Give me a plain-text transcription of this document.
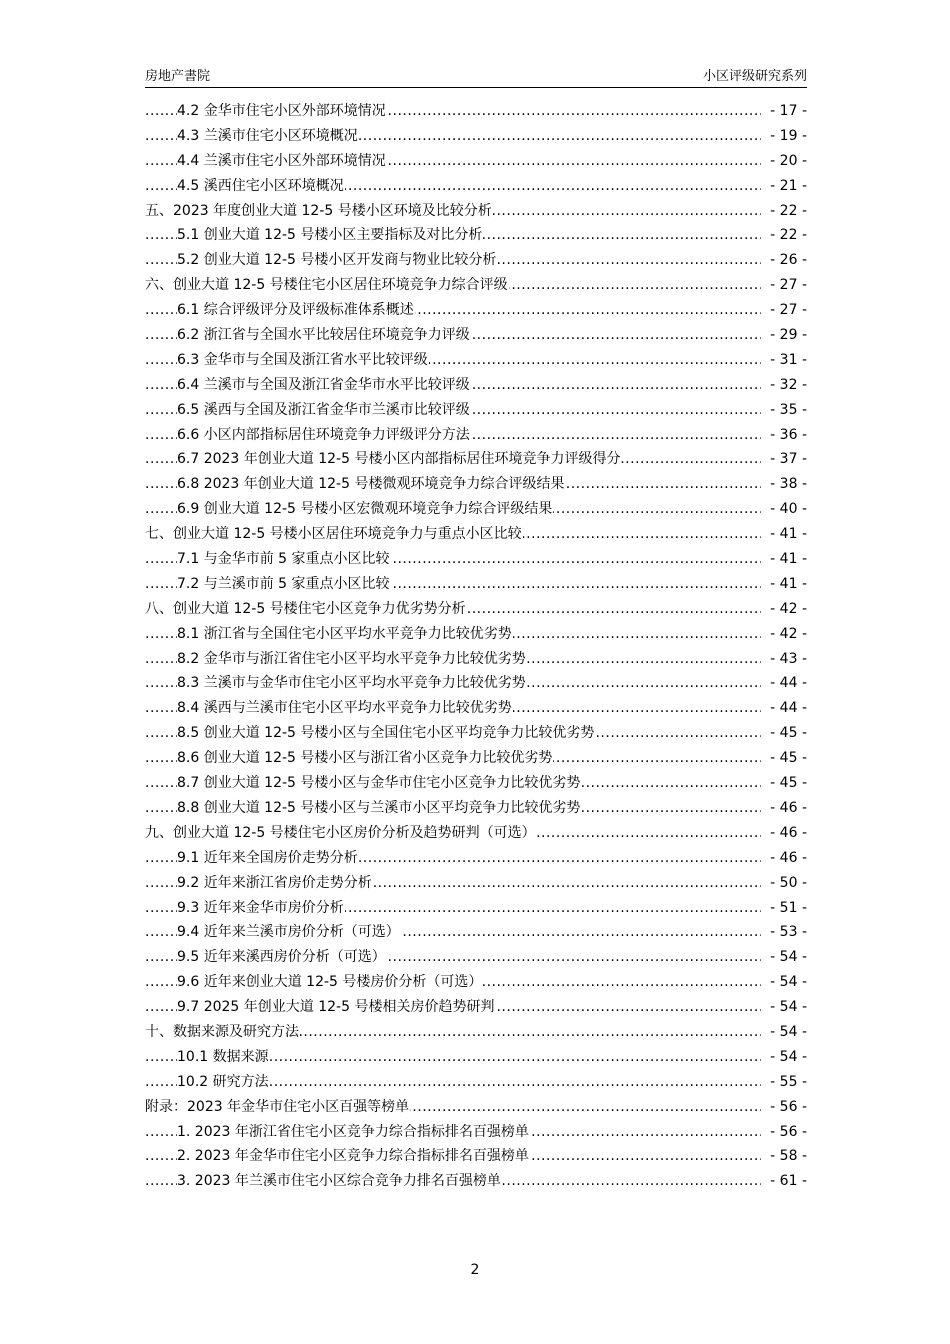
房地产書院	小区评级研究系列
.....
4.2 金华市住宅小区外部环境情况	- 17 -
.....
4.3 兰溪市住宅小区环境概况	- 19 -
.....
4.4 兰溪市住宅小区外部环境情况	- 20 -
.....
4.5 溪西住宅小区环境概况	- 21 -
.....
五、2023 年度创业大道 12-5 号楼小区环境及比较分析	- 22 -
.....
5.1 创业大道 12-5 号楼小区主要指标及对比分析	- 22 -
.....
5.2 创业大道 12-5 号楼小区开发商与物业比较分析	- 26 -
.....
六、创业大道 12-5 号楼住宅小区居住环境竞争力综合评级	- 27 -
.....
6.1 综合评级评分及评级标准体系概述	- 27 -
.....
6.2 浙江省与全国水平比较居住环境竞争力评级	- 29 -
.....
6.3 金华市与全国及浙江省水平比较评级	- 31 -
.....
6.4 兰溪市与全国及浙江省金华市水平比较评级	- 32 -
.....
6.5 溪西与全国及浙江省金华市兰溪市比较评级	- 35 -
.....
6.6 小区内部指标居住环境竞争力评级评分方法	- 36 -
.....
6.7 2023 年创业大道 12-5 号楼小区内部指标居住环境竞争力评级得分	- 37 -
.....
6.8 2023 年创业大道 12-5 号楼微观环境竞争力综合评级结果	- 38 -
.....
6.9 创业大道 12-5 号楼小区宏微观环境竞争力综合评级结果	- 40 -
.....
七、创业大道 12-5 号楼小区居住环境竞争力与重点小区比较	- 41 -
.....
7.1 与金华市前 5 家重点小区比较	- 41 -
.....
7.2 与兰溪市前 5 家重点小区比较	- 41 -
.....
八、创业大道 12-5 号楼住宅小区竞争力优劣势分析	- 42 -
.....
8.1 浙江省与全国住宅小区平均水平竞争力比较优劣势	- 42 -
.....
8.2 金华市与浙江省住宅小区平均水平竞争力比较优劣势	- 43 -
.....
8.3 兰溪市与金华市住宅小区平均水平竞争力比较优劣势	- 44 -
.....
8.4 溪西与兰溪市住宅小区平均水平竞争力比较优劣势	- 44 -
.....
8.5 创业大道 12-5 号楼小区与全国住宅小区平均竞争力比较优劣势	- 45 -
.....
8.6 创业大道 12-5 号楼小区与浙江省小区竞争力比较优劣势	- 45 -
.....
8.7 创业大道 12-5 号楼小区与金华市住宅小区竞争力比较优劣势	- 45 -
.....
8.8 创业大道 12-5 号楼小区与兰溪市小区平均竞争力比较优劣势	- 46 -
.....
九、创业大道 12-5 号楼住宅小区房价分析及趋势研判（可选）	- 46 -
.....
9.1 近年来全国房价走势分析	- 46 -
.....
9.2 近年来浙江省房价走势分析	- 50 -
.....
9.3 近年来金华市房价分析	- 51 -
.....
9.4 近年来兰溪市房价分析（可选）	- 53 -
.....
9.5 近年来溪西房价分析（可选）	- 54 -
.....
9.6 近年来创业大道 12-5 号楼房价分析（可选）	- 54 -
.....
9.7 2025 年创业大道 12-5 号楼相关房价趋势研判	- 54 -
.....
十、数据来源及研究方法	- 54 -
.....
10.1 数据来源	- 54 -
.....
10.2 研究方法	- 55 -
.....
附录：2023 年金华市住宅小区百强等榜单	- 56 -
.....
1. 2023 年浙江省住宅小区竞争力综合指标排名百强榜单	- 56 -
.....
2. 2023 年金华市住宅小区竞争力综合指标排名百强榜单	- 58 -
.....
3. 2023 年兰溪市住宅小区综合竞争力排名百强榜单	- 61 -
2
